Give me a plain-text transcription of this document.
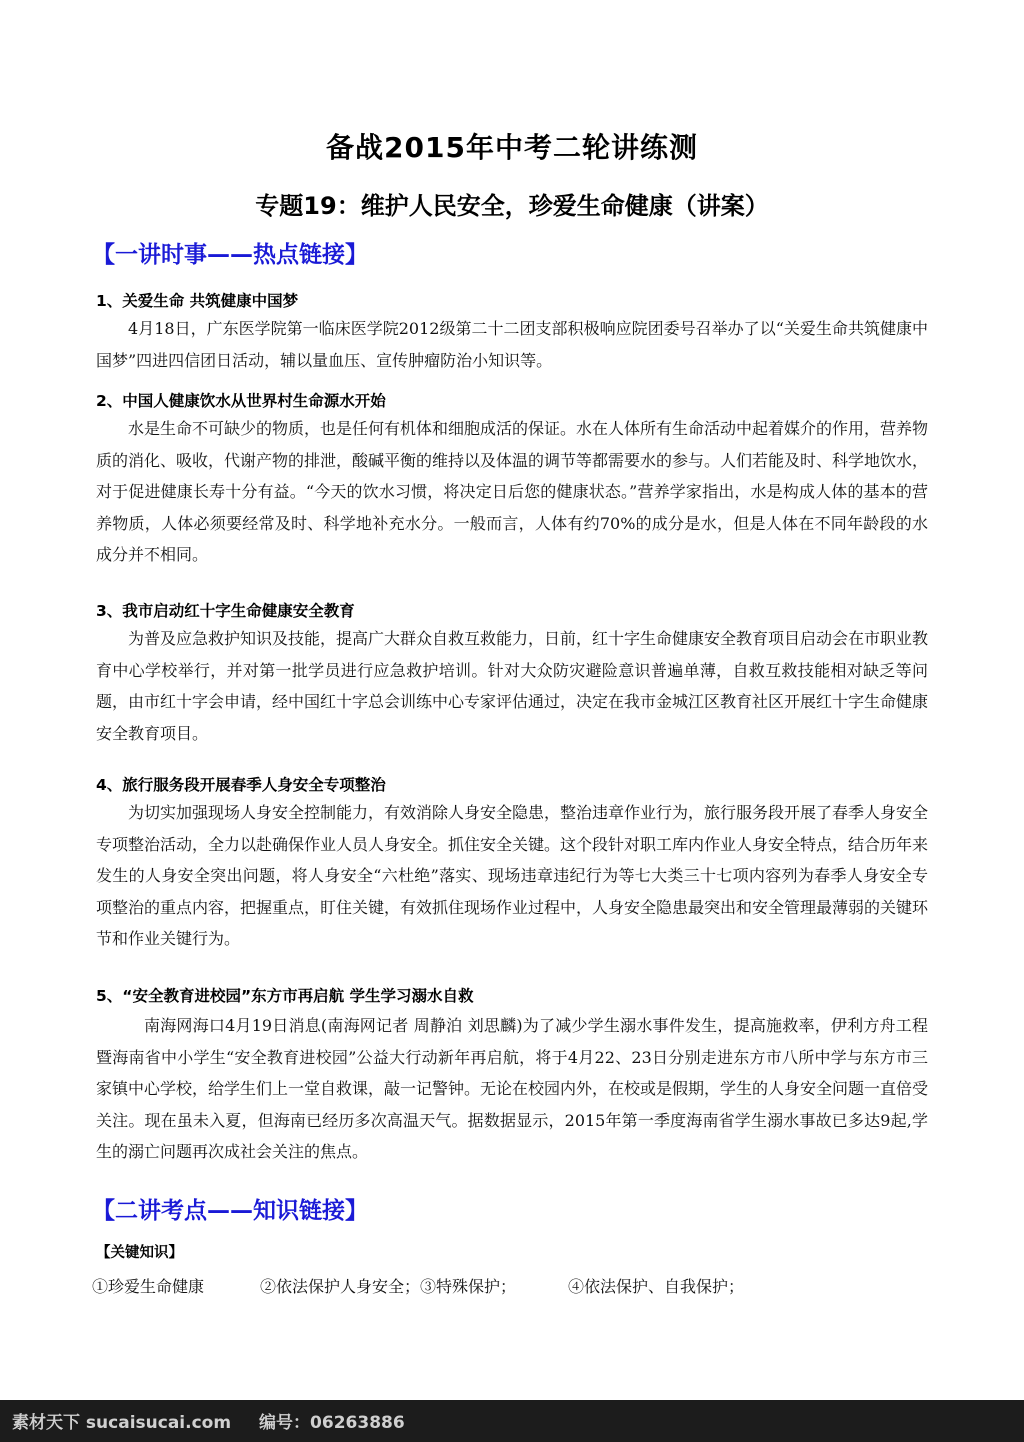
备战2015年中考二轮讲练测
专题19：维护人民安全，珍爱生命健康（讲案）
【一讲时事——热点链接】
1、关爱生命 共筑健康中国梦
4月18日，广东医学院第一临床医学院2012级第二十二团支部积极响应院团委号召举办了以“关爱生命共筑健康中国梦”四进四信团日活动，辅以量血压、宣传肿瘤防治小知识等。
2、中国人健康饮水从世界村生命源水开始
水是生命不可缺少的物质，也是任何有机体和细胞成活的保证。水在人体所有生命活动中起着媒介的作用，营养物质的消化、吸收，代谢产物的排泄，酸碱平衡的维持以及体温的调节等都需要水的参与。人们若能及时、科学地饮水，对于促进健康长寿十分有益。“今天的饮水习惯，将决定日后您的健康状态。”营养学家指出，水是构成人体的基本的营养物质，人体必须要经常及时、科学地补充水分。一般而言，人体有约70%的成分是水，但是人体在不同年龄段的水成分并不相同。
3、我市启动红十字生命健康安全教育
为普及应急救护知识及技能，提高广大群众自救互救能力，日前，红十字生命健康安全教育项目启动会在市职业教育中心学校举行，并对第一批学员进行应急救护培训。针对大众防灾避险意识普遍单薄，自救互救技能相对缺乏等问题，由市红十字会申请，经中国红十字总会训练中心专家评估通过，决定在我市金城江区教育社区开展红十字生命健康安全教育项目。
4、旅行服务段开展春季人身安全专项整治
为切实加强现场人身安全控制能力，有效消除人身安全隐患，整治违章作业行为，旅行服务段开展了春季人身安全专项整治活动，全力以赴确保作业人员人身安全。抓住安全关键。这个段针对职工库内作业人身安全特点，结合历年来发生的人身安全突出问题，将人身安全“六杜绝”落实、现场违章违纪行为等七大类三十七项内容列为春季人身安全专项整治的重点内容，把握重点，盯住关键，有效抓住现场作业过程中，人身安全隐患最突出和安全管理最薄弱的关键环节和作业关键行为。
5、“安全教育进校园”东方市再启航 学生学习溺水自救
南海网海口4月19日消息(南海网记者 周静泊 刘思麟)为了减少学生溺水事件发生，提高施救率，伊利方舟工程暨海南省中小学生“安全教育进校园”公益大行动新年再启航，将于4月22、23日分别走进东方市八所中学与东方市三家镇中心学校，给学生们上一堂自救课，敲一记警钟。无论在校园内外，在校或是假期，学生的人身安全问题一直倍受关注。现在虽未入夏，但海南已经历多次高温天气。据数据显示，2015年第一季度海南省学生溺水事故已多达9起,学生的溺亡问题再次成社会关注的焦点。
【二讲考点——知识链接】
【关键知识】
①珍爱生命健康	②依法保护人身安全；③特殊保护；	④依法保护、自我保护；
素材天下 sucaisucai.com 编号：06263886
